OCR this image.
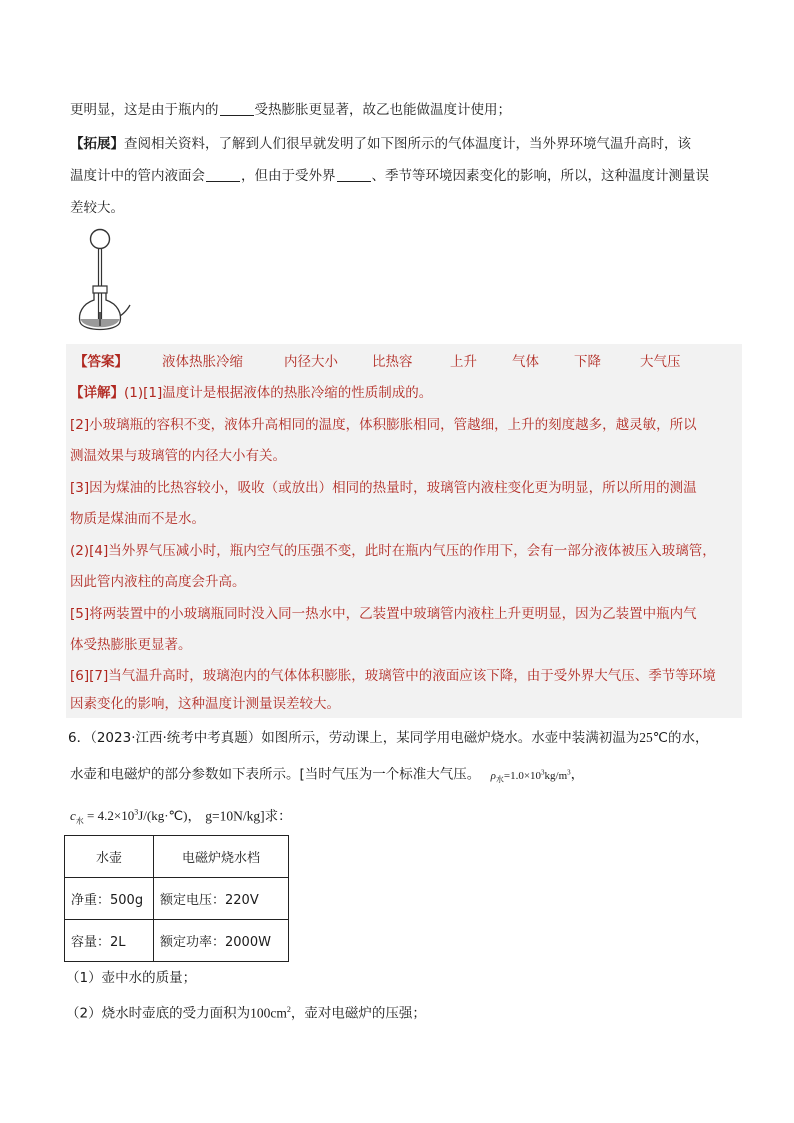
更明显，这是由于瓶内的	受热膨胀更显著，故乙也能做温度计使用；
【拓展】查阅相关资料，了解到人们很早就发明了如下图所示的气体温度计，当外界环境气温升高时，该
温度计中的管内液面会	，但由于受外界	、季节等环境因素变化的影响，所以，这种温度计测量误
差较大。
【答案】	液体热胀冷缩	内径大小	比热容	上升	气体	下降	大气压
【详解】(1)[1]温度计是根据液体的热胀冷缩的性质制成的。
[2]小玻璃瓶的容积不变，液体升高相同的温度，体积膨胀相同，管越细，上升的刻度越多，越灵敏，所以
测温效果与玻璃管的内径大小有关。
[3]因为煤油的比热容较小，吸收（或放出）相同的热量时，玻璃管内液柱变化更为明显，所以所用的测温
物质是煤油而不是水。
(2)[4]当外界气压减小时，瓶内空气的压强不变，此时在瓶内气压的作用下，会有一部分液体被压入玻璃管，
因此管内液柱的高度会升高。
[5]将两装置中的小玻璃瓶同时没入同一热水中，乙装置中玻璃管内液柱上升更明显，因为乙装置中瓶内气
体受热膨胀更显著。
[6][7]当气温升高时，玻璃泡内的气体体积膨胀，玻璃管中的液面应该下降，由于受外界大气压、季节等环境
因素变化的影响，这种温度计测量误差较大。
6．（2023·江西·统考中考真题）如图所示，劳动课上，某同学用电磁炉烧水。水壶中装满初温为25℃的水，
水壶和电磁炉的部分参数如下表所示。[当时气压为一个标准大气压。 $\rho_水=1.0\times 10^3kg/m^3$，
$c_水$ = $4.2\times 10^3J/(kg\cdot℃)$， g=10N/kg]求：
水壶	电磁炉烧水档
净重：500g	额定电压：220V
容量：2L	额定功率：2000W
（1）壶中水的质量；
（2）烧水时壶底的受力面积为$100cm^2$，壶对电磁炉的压强；
